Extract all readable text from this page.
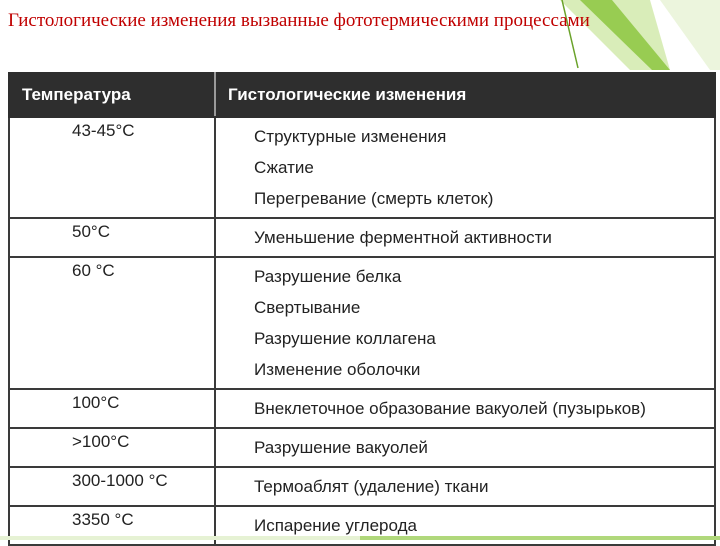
Гистологические изменения вызванные фототермическими процессами
Температура	Гистологические изменения
43-45°C	Структурные изменения
Сжатие
Перегревание (смерть клеток)

50°C	Уменьшение ферментной активности

60 °C	Разрушение белка
Свертывание
Разрушение коллагена
Изменение оболочки

100°C	Внеклеточное образование вакуолей (пузырьков)

>100°C	Разрушение вакуолей

300-1000 °C	Термоаблят (удаление) ткани

3350 °C	Испарение углерода
